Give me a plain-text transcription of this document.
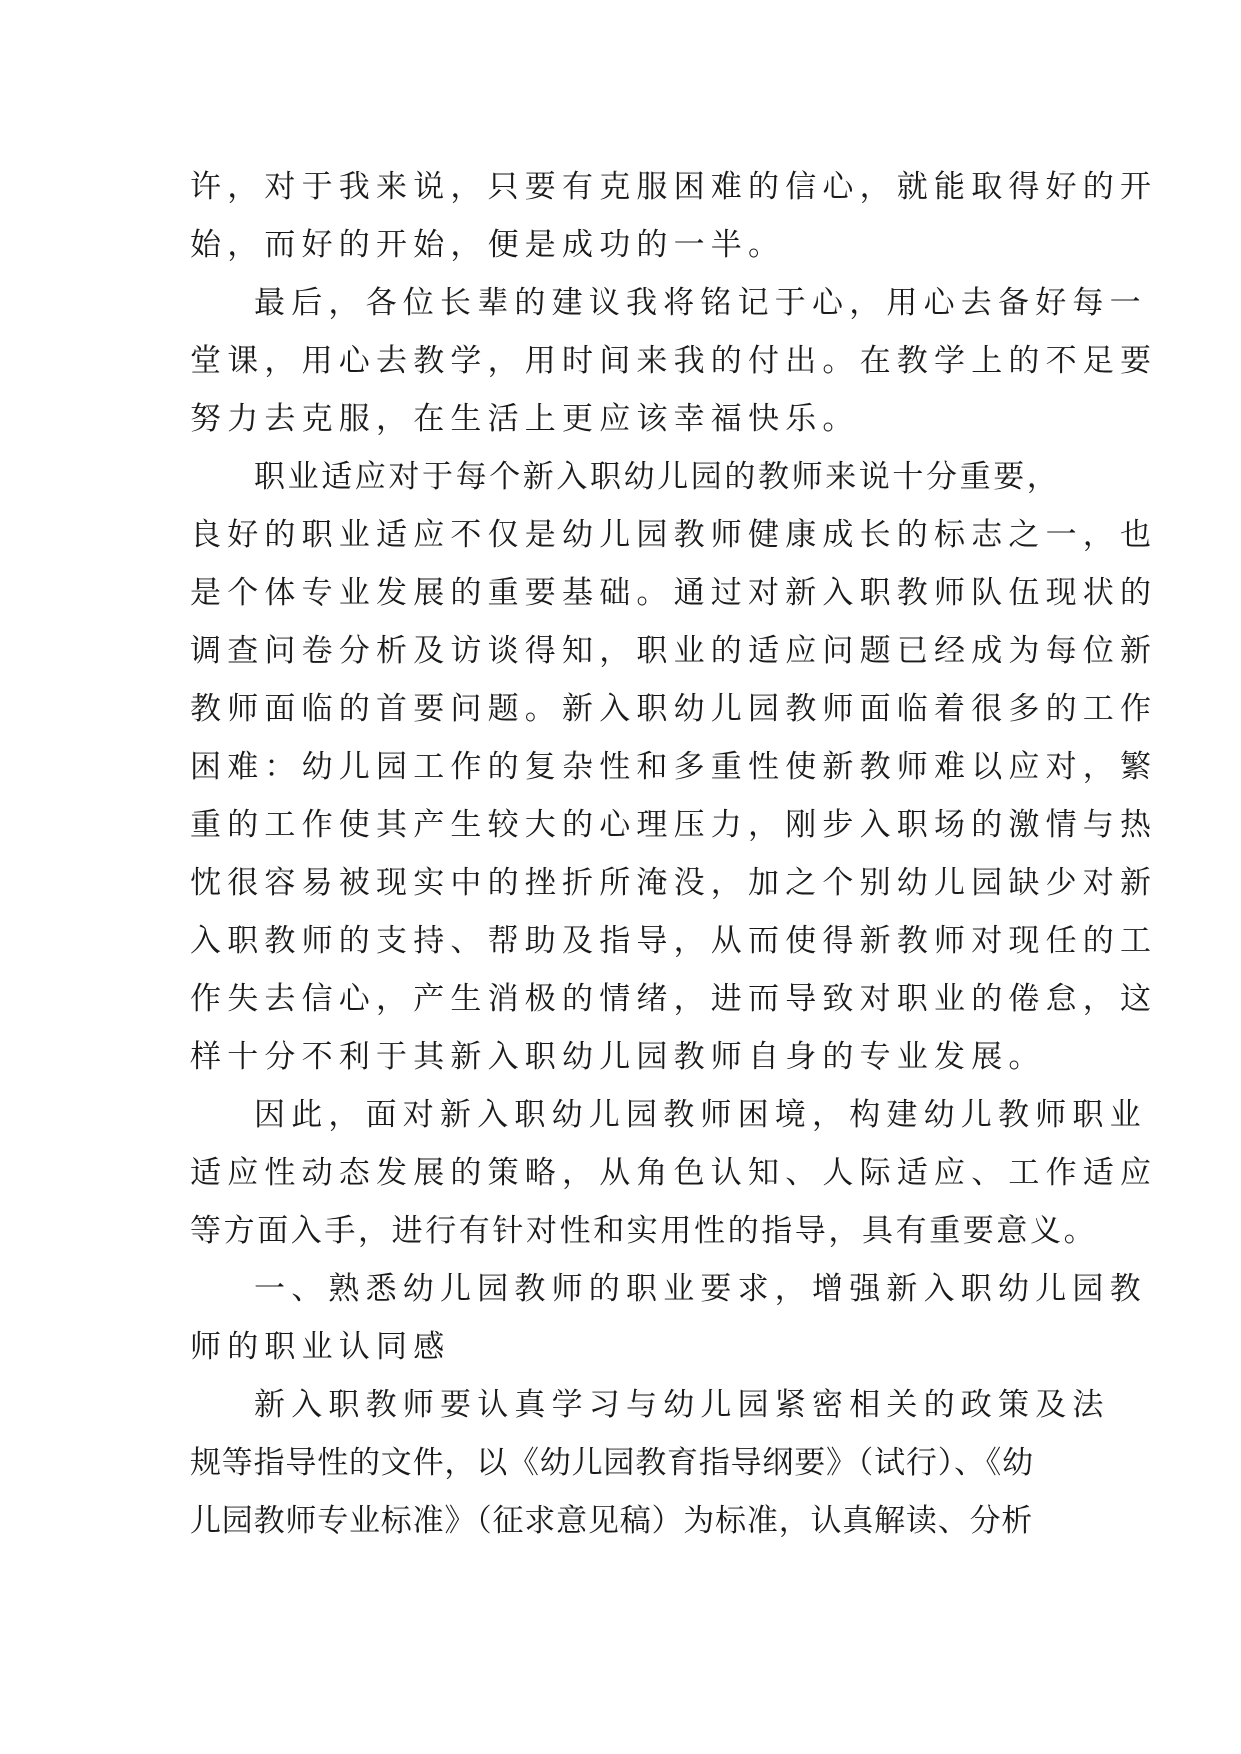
许，对于我来说，只要有克服困难的信心，就能取得好的开
始，而好的开始，便是成功的一半。
最后，各位长辈的建议我将铭记于心，用心去备好每一
堂课，用心去教学，用时间来我的付出。在教学上的不足要
努力去克服，在生活上更应该幸福快乐。
职业适应对于每个新入职幼儿园的教师来说十分重要，
良好的职业适应不仅是幼儿园教师健康成长的标志之一，也
是个体专业发展的重要基础。通过对新入职教师队伍现状的
调查问卷分析及访谈得知，职业的适应问题已经成为每位新
教师面临的首要问题。新入职幼儿园教师面临着很多的工作
困难：幼儿园工作的复杂性和多重性使新教师难以应对，繁
重的工作使其产生较大的心理压力，刚步入职场的激情与热
忱很容易被现实中的挫折所淹没，加之个别幼儿园缺少对新
入职教师的支持、帮助及指导，从而使得新教师对现任的工
作失去信心，产生消极的情绪，进而导致对职业的倦怠，这
样十分不利于其新入职幼儿园教师自身的专业发展。
因此，面对新入职幼儿园教师困境，构建幼儿教师职业
适应性动态发展的策略，从角色认知、人际适应、工作适应
等方面入手，进行有针对性和实用性的指导，具有重要意义。
一、熟悉幼儿园教师的职业要求，增强新入职幼儿园教
师的职业认同感
新入职教师要认真学习与幼儿园紧密相关的政策及法
规等指导性的文件，以《幼儿园教育指导纲要》（试行）、《幼
儿园教师专业标准》（征求意见稿）为标准，认真解读、分析
